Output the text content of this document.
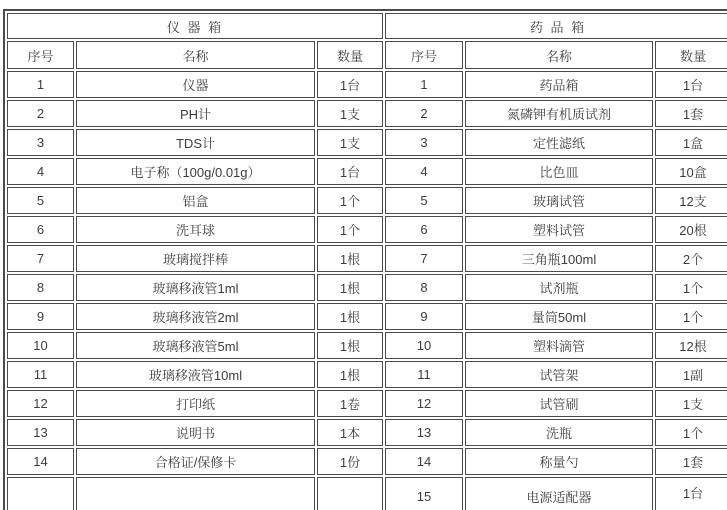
仪 器 箱			药 品 箱		
序号	名称	数量	序号	名称	数量
1	仪器	1台	1	药品箱	1台
2	PH计	1支	2	氮磷钾有机质试剂	1套
3	TDS计	1支	3	定性滤纸	1盒
4	电子称（100g/0.01g）	1台	4	比色皿	10盒
5	铝盒	1个	5	玻璃试管	12支
6	洗耳球	1个	6	塑料试管	20根
7	玻璃搅拌棒	1根	7	三角瓶100ml	2个
8	玻璃移液管1ml	1根	8	试剂瓶	1个
9	玻璃移液管2ml	1根	9	量筒50ml	1个
10	玻璃移液管5ml	1根	10	塑料滴管	12根
11	玻璃移液管10ml	1根	11	试管架	1副
12	打印纸	1卷	12	试管刷	1支
13	说明书	1本	13	洗瓶	1个
14	合格证/保修卡	1份	14	称量勺	1套
			15	电源适配器	1台
